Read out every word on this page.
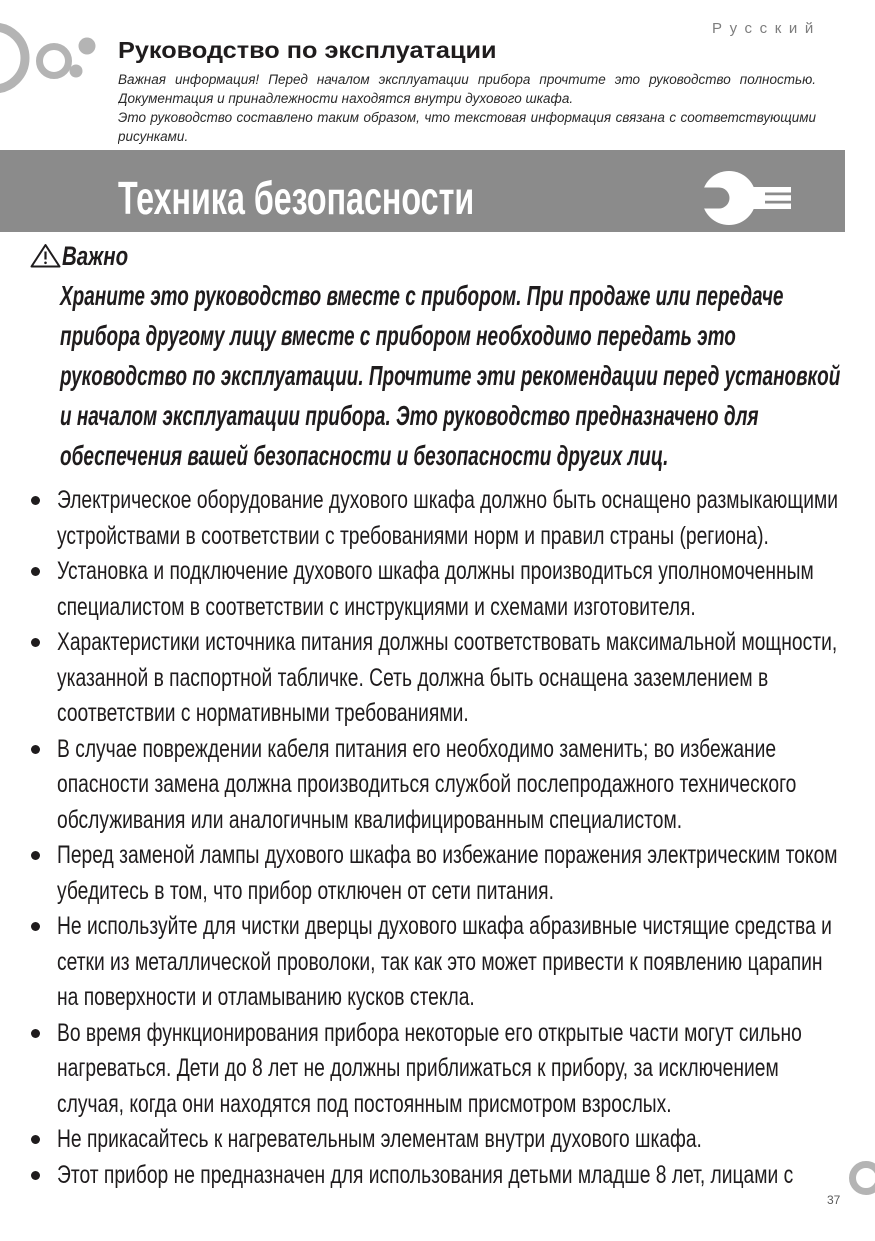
Русский
Руководство по эксплуатации
Важная информация! Перед началом эксплуатации прибора прочтите это руководство полностью.
Документация и принадлежности находятся внутри духового шкафа.
Это руководство составлено таким образом, что текстовая информация связана с соответствующими
рисунками.
Техника безопасности
Важно
Храните это руководство вместе с прибором. При продаже или передаче
прибора другому лицу вместе с прибором необходимо передать это
руководство по эксплуатации. Прочтите эти рекомендации перед установкой
и началом эксплуатации прибора. Это руководство предназначено для
обеспечения вашей безопасности и безопасности других лиц.
Электрическое оборудование духового шкафа должно быть оснащено размыкающими
устройствами в соответствии с требованиями норм и правил страны (региона).
Установка и подключение духового шкафа должны производиться уполномоченным
специалистом в соответствии с инструкциями и схемами изготовителя.
Характеристики источника питания должны соответствовать максимальной мощности,
указанной в паспортной табличке. Сеть должна быть оснащена заземлением в
соответствии с нормативными требованиями.
В случае повреждении кабеля питания его необходимо заменить; во избежание
опасности замена должна производиться службой послепродажного технического
обслуживания или аналогичным квалифицированным специалистом.
Перед заменой лампы духового шкафа во избежание поражения электрическим током
убедитесь в том, что прибор отключен от сети питания.
Не используйте для чистки дверцы духового шкафа абразивные чистящие средства и
сетки из металлической проволоки, так как это может привести к появлению царапин
на поверхности и отламыванию кусков стекла.
Во время функционирования прибора некоторые его открытые части могут сильно
нагреваться. Дети до 8 лет не должны приближаться к прибору, за исключением
случая, когда они находятся под постоянным присмотром взрослых.
Не прикасайтесь к нагревательным элементам внутри духового шкафа.
Этот прибор не предназначен для использования детьми младше 8 лет, лицами с
37
